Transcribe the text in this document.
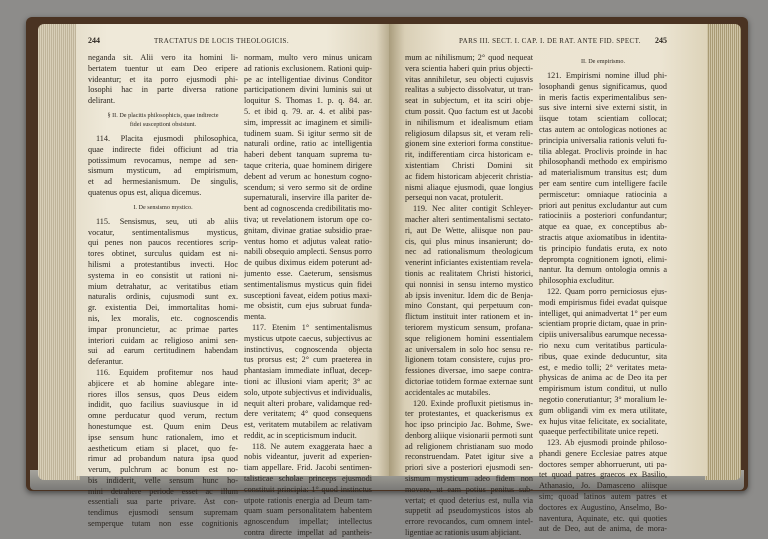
244	TRACTATUS DE LOCIS THEOLOGICIS.
neganda sit. Alii vero ita homini li-
bertatem tuentur ut eam Deo eripere
videantur; et ita porro ejusmodi phi-
losophi hac in parte diversa ratione
delirant.
§ II. De placitis philosophicis, quae indirecte
fidei susceptioni obsistunt.
114. Placita ejusmodi philosophica,
quae indirecte fidei officiunt ad tria
potissimum revocamus, nempe ad sen-
sismum mysticum, ad empirismum,
et ad hermesianismum. De singulis,
quatenus opus est, aliqua dicemus.
I. De sensismo mystico.
115. Sensismus, seu, uti ab aliis
vocatur, sentimentalismus mysticus,
qui penes non paucos recentiores scrip-
tores obtinet, surculus quidam est ni-
hilismi a protestantibus invecti. Hoc
systema in eo consistit ut rationi ni-
mium detrahatur, ac veritatibus etiam
naturalis ordinis, cujusmodi sunt ex.
gr. existentia Dei, immortalitas homi-
nis, lex moralis, etc. cognoscendis
impar pronuncietur, ac primae partes
interiori cuidam ac religioso animi sen-
sui ad earum certitudinem habendam
deferantur.
116. Equidem profitemur nos haud
abjicere et ab homine ablegare inte-
riores illos sensus, quos Deus eidem
indidit, quo facilius suaviusque in id
omne perducatur quod verum, rectum
honestumque est. Quum enim Deus
ipse sensum hunc rationalem, imo et
aestheticum etiam si placet, quo fe-
rimur ad probandum natura ipsa quod
verum, pulchrum ac bonum est no-
bis indiderit, velle sensum hunc ho-
mini detrahere periode esset ac illum
essentiali sua parte privare. Ast con-
tendimus ejusmodi sensum supremam
semperque tutam non esse cognitionis
normam, multo vero minus unicam
ad rationis exclusionem. Rationi quip-
pe ac intelligentiae divinus Conditor
participationem divini luminis sui ut
loquitur S. Thomas 1. p. q. 84. ar.
5. et ibid q. 79. ar. 4. et alibi pas-
sim, impressit ac imaginem et simili-
tudinem suam. Si igitur sermo sit de
naturali ordine, ratio ac intelligentia
haberi debent tanquam suprema tu-
taque criteria, quae hominem dirigere
debent ad verum ac honestum cogno-
scendum; si vero sermo sit de ordine
supernaturali, inservire illa pariter de-
bent ad cognoscenda credibilitatis mo-
tiva; ut revelationem istorum ope co-
gnitam, divinae gratiae subsidio prae-
ventus homo et adjutus valeat ratio-
nabili obsequio amplecti. Sensus porro
de quibus diximus eidem poterunt ad-
jumento esse. Caeterum, sensismus
sentimentalismus mysticus quin fidei
susceptioni faveat, eidem potius maxi-
me obsistit, cum ejus subruat funda-
menta.
117. Etenim 1° sentimentalismus
mysticus utpote caecus, subjectivus ac
instinctivus, cognoscenda objecta
tus prorsus est; 2° cum praeterea in
phantasiam immediate influat, decep-
tioni ac illusioni viam aperit; 3° ac
solo, utpote subjectivus et individualis,
nequit alteri probare, validamque red-
dere veritatem; 4° quod consequens
est, veritatem mutabilem ac relativam
reddit, ac in scepticismum inducit.
118. Ne autem exaggerata haec a
nobis videantur, juverit ad experien-
tiam appellare. Frid. Jacobi sentimen-
talisticae scholae princeps ejusmodi
constituit principia: 1° quod instinctus
utpote rationis energia ad Deum tam-
quam suam personalitatem habentem
agnoscendum impellat; intellectus
contra directe impellat ad pantheis-
PARS III. SECT. I. CAP. I. DE RAT. ANTE FID. SPECT. 245
mum ac nihilismum; 2° quod nequeat
vera scientia haberi quin prius objecti-
vitas annihiletur, seu objecti cujusvis
realitas a subjecto dissolvatur, ut tran-
seat in subjectum, et ita sciri obje-
ctum possit. Quo factum est ut Jacobi
in nihilismum et idealismum etiam
religiosum dilapsus sit, et veram reli-
gionem sine exteriori forma constitue-
rit, indifferentiam circa historicam e-
xistentiam Christi Domini sit
ac fidem historicam abjecerit christia-
nismi aliaque ejusmodi, quae longius
persequi non vacat, protulerit.
119. Nec aliter contigit Schleyer-
macher alteri sentimentalismi sectato-
ri, aut De Wette, aliisque non pau-
cis, qui plus minus insanierunt; do-
nec ad rationalismum theologicum
venerint inficiantes existentiam revela-
tionis ac realitatem Christi historici,
qui nonnisi in sensu interno mystico
ab ipsis invenitur. Idem dic de Benja-
mino Constant, qui perpetuum con-
flictum instituit inter rationem et in-
teriorem mysticum sensum, profana-
sque religionem homini essentialem
ac universalem in solo hoc sensu re-
ligionem totam consistere, cujus pro-
fessiones diversae, imo saepe contra-
dictoriae totidem formae externae sunt
accidentales ac mutabiles.
120. Exinde profluxit pietismus in-
ter protestantes, et quackerismus ex
hoc ipso principio Jac. Bohme, Swe-
denborg aliique visionarii permoti sunt
ad religionem christianam suo modo
reconstruendam. Patet igitur sive a
priori sive a posteriori ejusmodi sen-
sismum mysticum adeo fidem non
movere, ut eam potius penitus sub-
vertat; et quod deterius est, nulla via
suppetit ad pseudomysticos istos ab
errore revocandos, cum omnem intel-
ligentiae ac rationis usum abjiciant.
II. De empirismo.
121. Empirismi nomine illud phi-
losophandi genus significamus, quod
in meris factis experimentalibus sen-
sus sive interni sive externi sistit, in
iisque totam scientiam collocat;
ctas autem ac ontologicas notiones ac
principia universalia rationis veluti fu-
tilia ablegat. Proclivis proinde in hac
philosophandi methodo ex empirismo
ad materialismum transitus est; dum
per eam sentire cum intelligere facile
permiscetur: omniaque ratiocinia a
priori aut penitus excludantur aut cum
ratiociniis a posteriori confundantur;
atque ea quae, ex conceptibus ab-
stractis atque axiomatibus in identita-
tis principio fundatis eruta, ex noto
deprompta cognitionem ignoti, elimi-
nantur. Ita demum ontologia omnis a
philosophia excluditur.
122. Quam porro perniciosus ejus-
modi empirismus fidei evadat quisque
intelliget, qui animadvertat 1° per eum
scientiam proprie dictam, quae in prin-
cipiis universalibus earumque necessa-
rio nexu cum veritatibus particula-
ribus, quae exinde deducuntur, sita
est, e medio tolli; 2° veritates meta-
physicas de anima ac de Deo ita per
empirismum istum conditui, ut nullo
negotio conerutiantur; 3° moralium le-
gum obligandi vim ex mera utilitate,
ex hujus vitae felicitate, ex socialitate,
quaeque perfectibilitate unice repeti.
123. Ab ejusmodi proinde philoso-
phandi genere Ecclesiae patres atque
doctores semper abhorruerunt, uti pa-
tet quoad patres graecos ex Basilio,
Athanasio, Jo. Damasceno aliisque
sim; quoad latinos autem patres et
doctores ex Augustino, Anselmo, Bo-
naventura, Aquinate, etc. qui quoties
aut de Deo, aut de anima, de mora-
